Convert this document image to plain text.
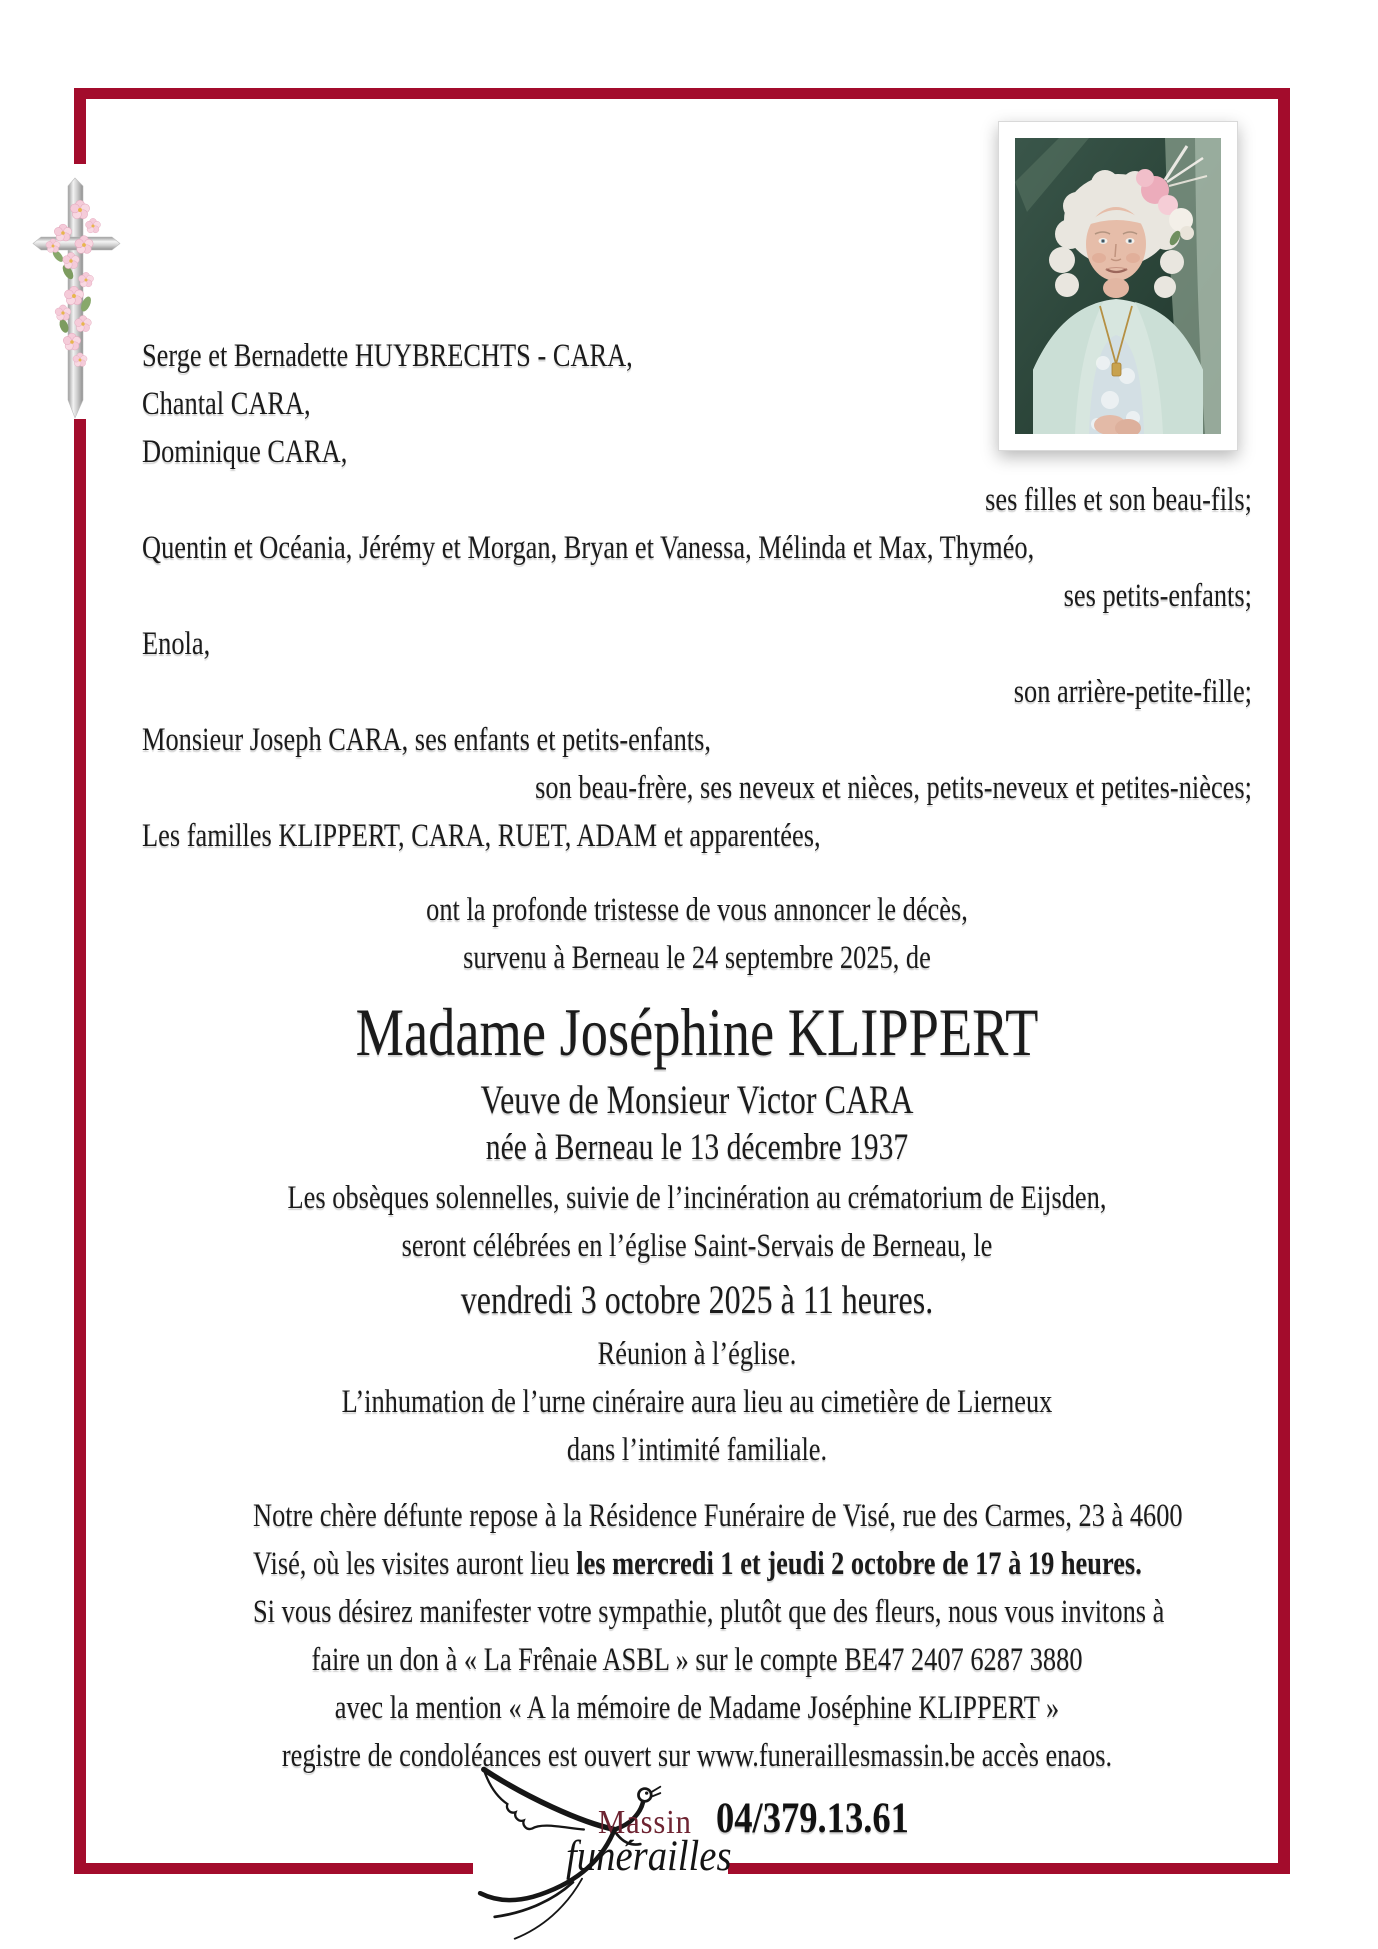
Serge et Bernadette HUYBRECHTS - CARA,
Chantal CARA,
Dominique CARA,
ses filles et son beau-fils;
Quentin et Océania, Jérémy et Morgan, Bryan et Vanessa, Mélinda et Max, Thyméo,
ses petits-enfants;
Enola,
son arrière-petite-fille;
Monsieur Joseph CARA, ses enfants et petits-enfants,
son beau-frère, ses neveux et nièces, petits-neveux et petites-nièces;
Les familles KLIPPERT, CARA, RUET, ADAM et apparentées,
ont la profonde tristesse de vous annoncer le décès,
survenu à Berneau le 24 septembre 2025, de
Madame Joséphine KLIPPERT
Veuve de Monsieur Victor CARA
née à Berneau le 13 décembre 1937
Les obsèques solennelles, suivie de l’incinération au crématorium de Eijsden,
seront célébrées en l’église Saint-Servais de Berneau, le
vendredi 3 octobre 2025 à 11 heures.
Réunion à l’église.
L’inhumation de l’urne cinéraire aura lieu au cimetière de Lierneux
dans l’intimité familiale.
Notre chère défunte repose à la Résidence Funéraire de Visé, rue des Carmes, 23 à 4600
Visé, où les visites auront lieu les mercredi 1 et jeudi 2 octobre de 17 à 19 heures.
Si vous désirez manifester votre sympathie, plutôt que des fleurs, nous vous invitons à
faire un don à « La Frênaie ASBL » sur le compte BE47 2407 6287 3880
avec la mention « A la mémoire de Madame Joséphine KLIPPERT »
registre de condoléances est ouvert sur www.funeraillesmassin.be accès enaos.
Massin
funérailles
04/379.13.61
